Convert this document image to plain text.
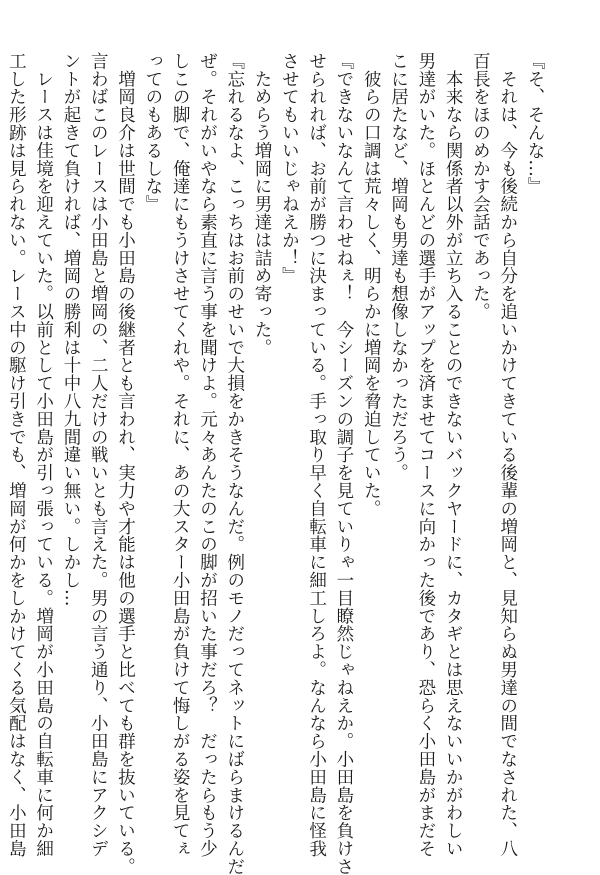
『そ、そんな…』
　それは、今も後続から自分を追いかけてきている後輩の増岡と、見知らぬ男達の間でなされた、八
百長をほのめかす会話であった。
　本来なら関係者以外が立ち入ることのできないバックヤードに、カタギとは思えないいかがわしい
男達がいた。ほとんどの選手がアップを済ませてコースに向かった後であり、恐らく小田島がまだそ
こに居たなど、増岡も男達も想像しなかっただろう。
　彼らの口調は荒々しく、明らかに増岡を脅迫していた。
『できないなんて言わせねぇ！　今シーズンの調子を見ていりゃ一目瞭然じゃねえか。小田島を負けさ
せられれば、お前が勝つに決まっている。手っ取り早く自転車に細工しろよ。なんなら小田島に怪我
させてもいいじゃねえか！』
　ためらう増岡に男達は詰め寄った。
『忘れるなよ、こっちはお前のせいで大損をかきそうなんだ。例のモノだってネットにばらまけるんだ
ぜ。それがいやなら素直に言う事を聞けよ。元々あんたのこの脚が招いた事だろ？　だったらもう少
しこの脚で、俺達にもうけさせてくれや。それに、あの大スター小田島が負けて悔しがる姿を見てぇ
ってのもあるしな』
　増岡良介は世間でも小田島の後継者とも言われ、実力や才能は他の選手と比べても群を抜いている。
言わばこのレースは小田島と増岡の、二人だけの戦いとも言えた。男の言う通り、小田島にアクシデ
ントが起きて負ければ、増岡の勝利は十中八九間違い無い。しかし…
　レースは佳境を迎えていた。以前として小田島が引っ張っている。増岡が小田島の自転車に何か細
工した形跡は見られない。レース中の駆け引きでも、増岡が何かをしかけてくる気配はなく、小田島
